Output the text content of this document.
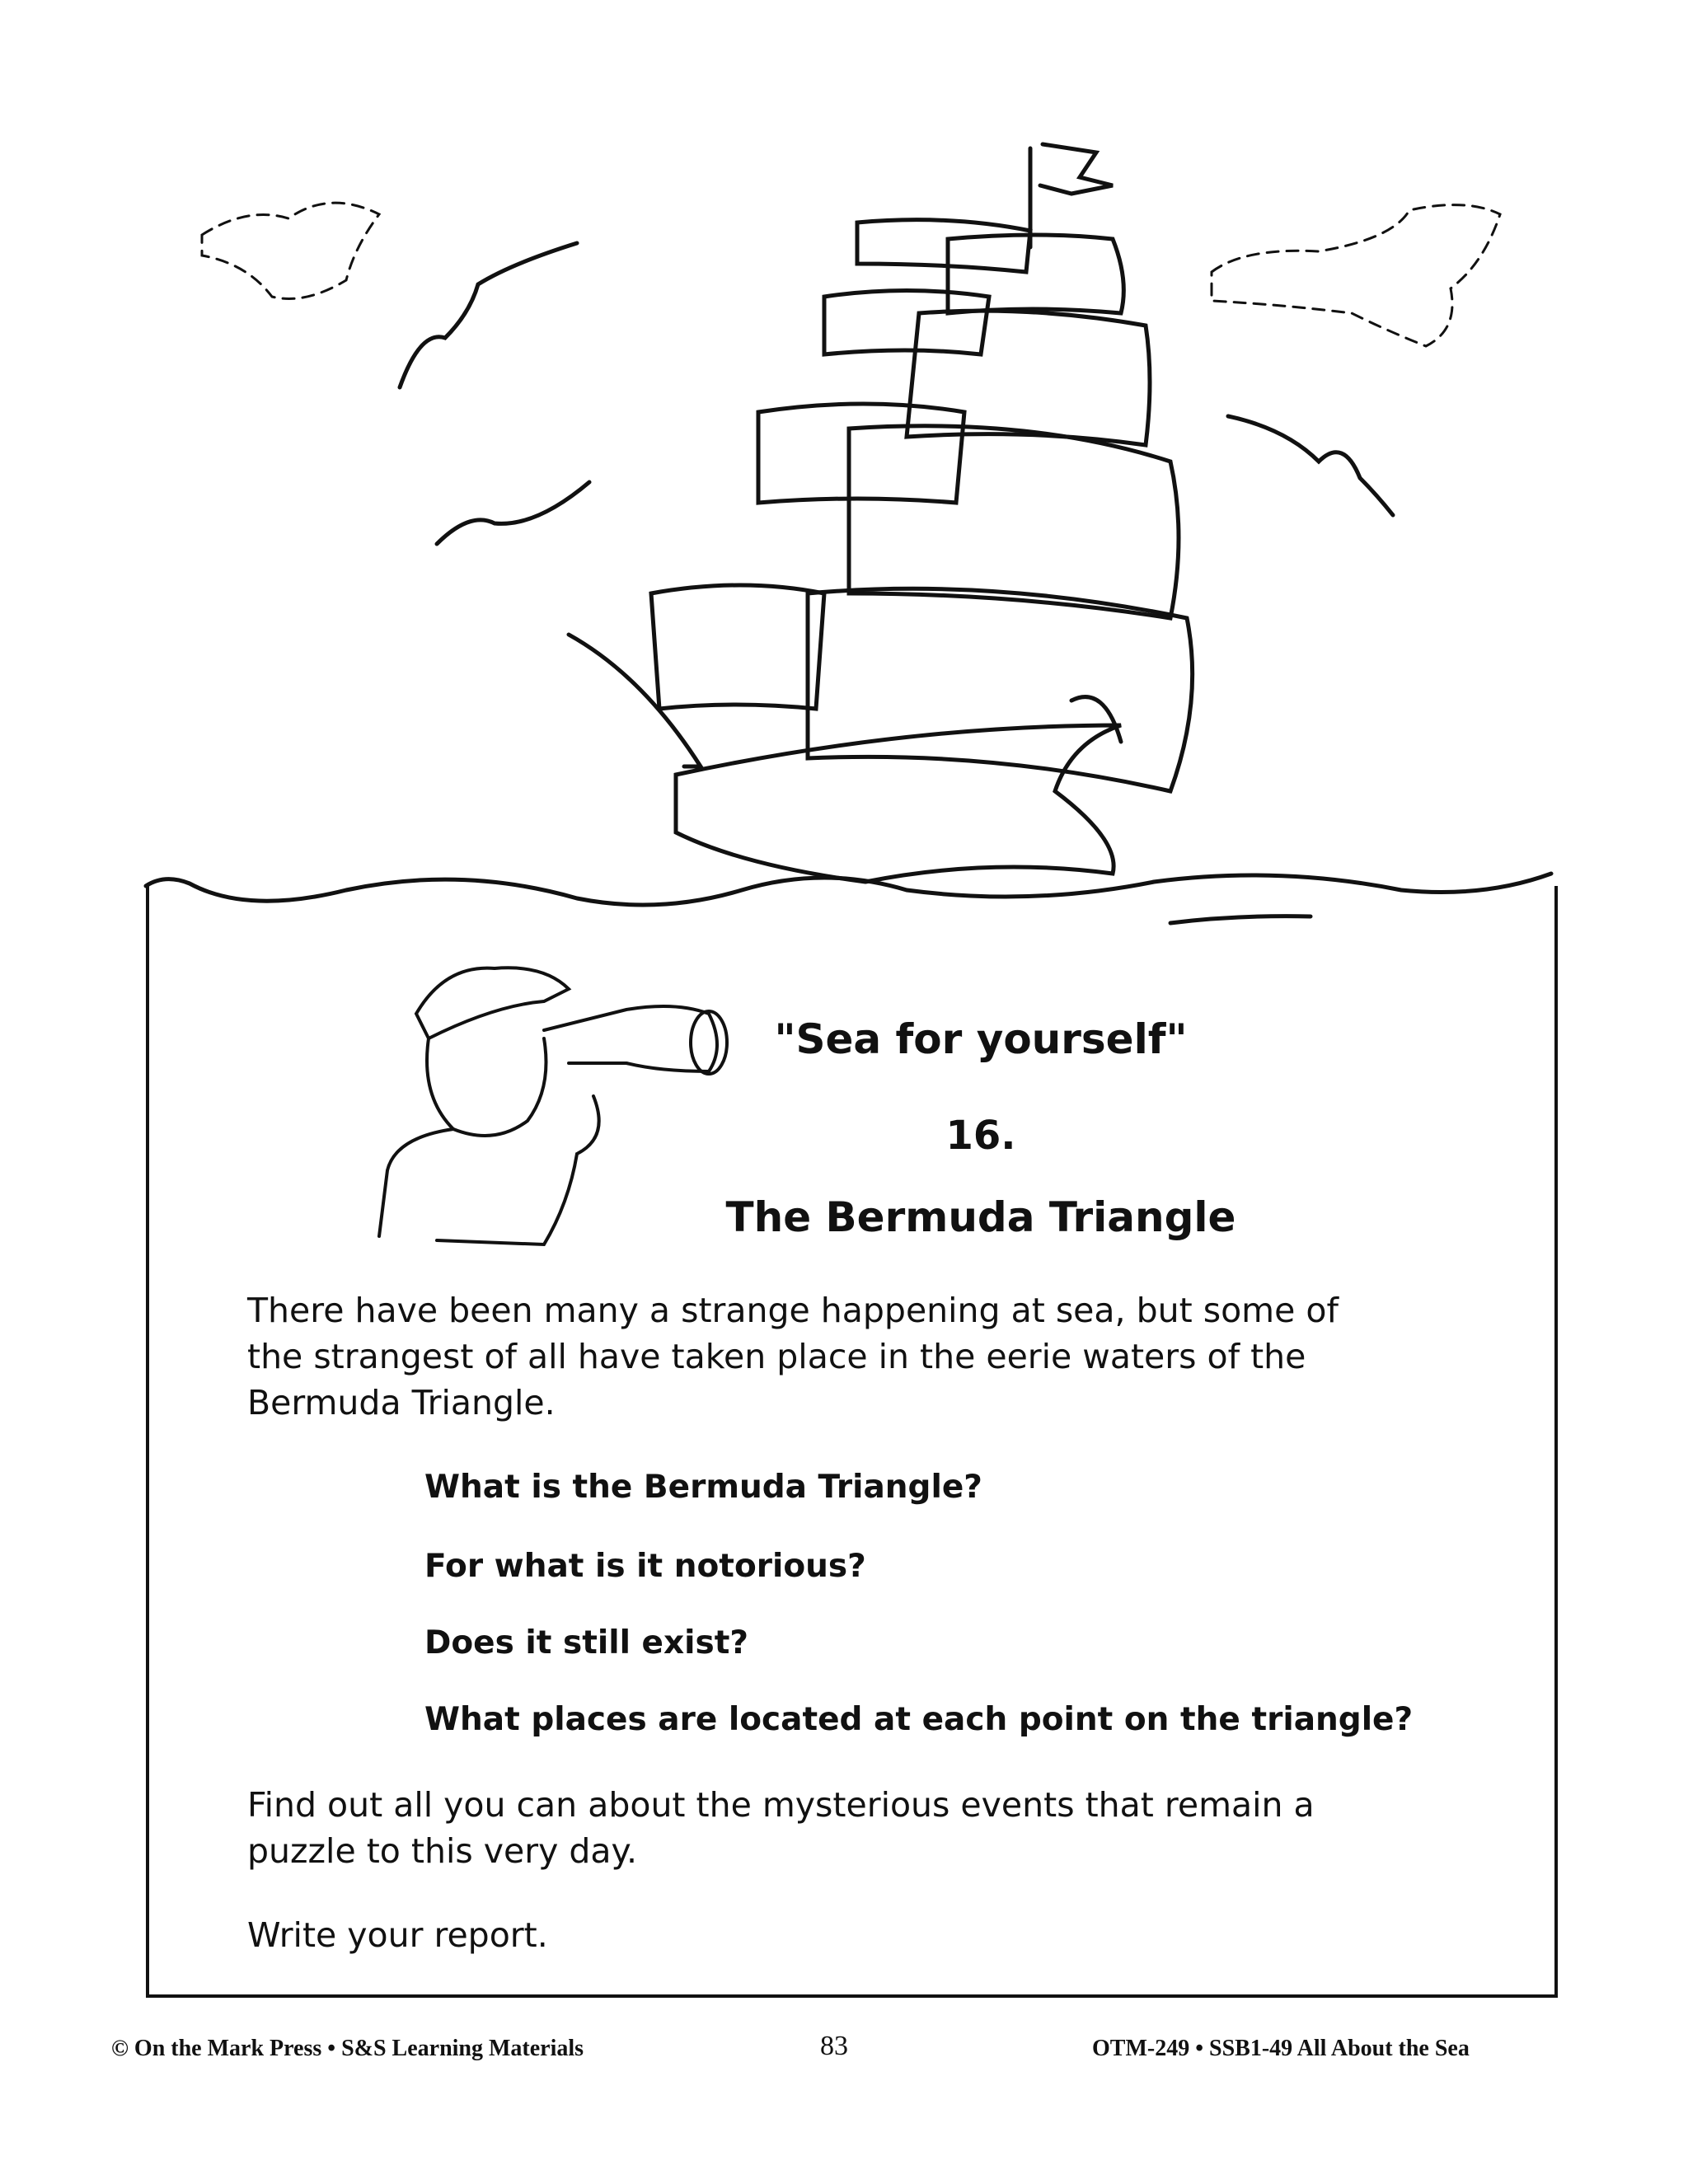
"Sea for yourself"
16.
The Bermuda Triangle
There have been many a strange happening at sea, but some of
the strangest of all have taken place in the eerie waters of the
Bermuda Triangle.
What is the Bermuda Triangle?
For what is it notorious?
Does it still exist?
What places are located at each point on the triangle?
Find out all you can about the mysterious events that remain a
puzzle to this very day.
Write your report.
© On the Mark Press • S&S Learning Materials	83	OTM-249 • SSB1-49 All About the Sea
